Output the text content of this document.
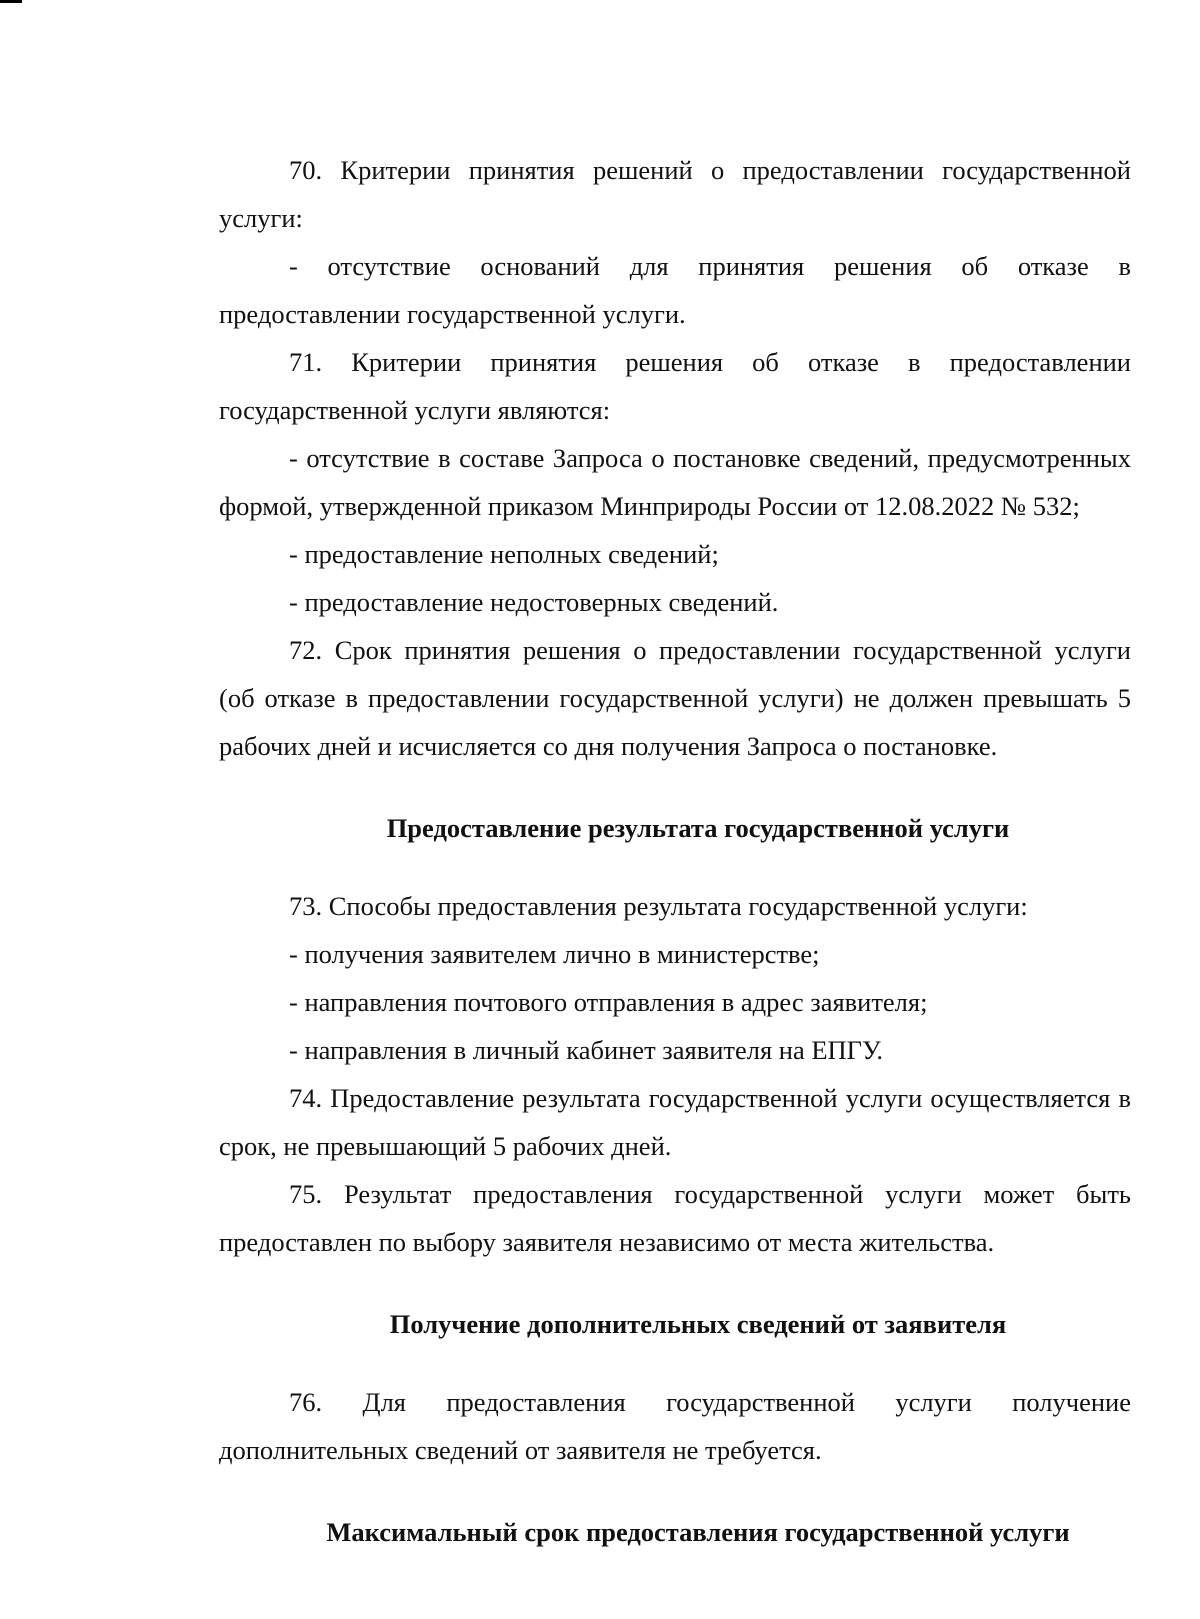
70. Критерии принятия решений о предоставлении государственной услуги:

- отсутствие оснований для принятия решения об отказе в предоставлении государственной услуги.

71. Критерии принятия решения об отказе в предоставлении государственной услуги являются:

- отсутствие в составе Запроса о постановке сведений, предусмотренных формой, утвержденной приказом Минприроды России от 12.08.2022 № 532;

- предоставление неполных сведений;

- предоставление недостоверных сведений.

72. Срок принятия решения о предоставлении государственной услуги (об отказе в предоставлении государственной услуги) не должен превышать 5 рабочих дней и исчисляется со дня получения Запроса о постановке.

Предоставление результата государственной услуги

73. Способы предоставления результата государственной услуги:

- получения заявителем лично в министерстве;

- направления почтового отправления в адрес заявителя;

- направления в личный кабинет заявителя на ЕПГУ.

74. Предоставление результата государственной услуги осуществляется в срок, не превышающий 5 рабочих дней.

75. Результат предоставления государственной услуги может быть предоставлен по выбору заявителя независимо от места жительства.

Получение дополнительных сведений от заявителя

76. Для предоставления государственной услуги получение дополнительных сведений от заявителя не требуется.

Максимальный срок предоставления государственной услуги
